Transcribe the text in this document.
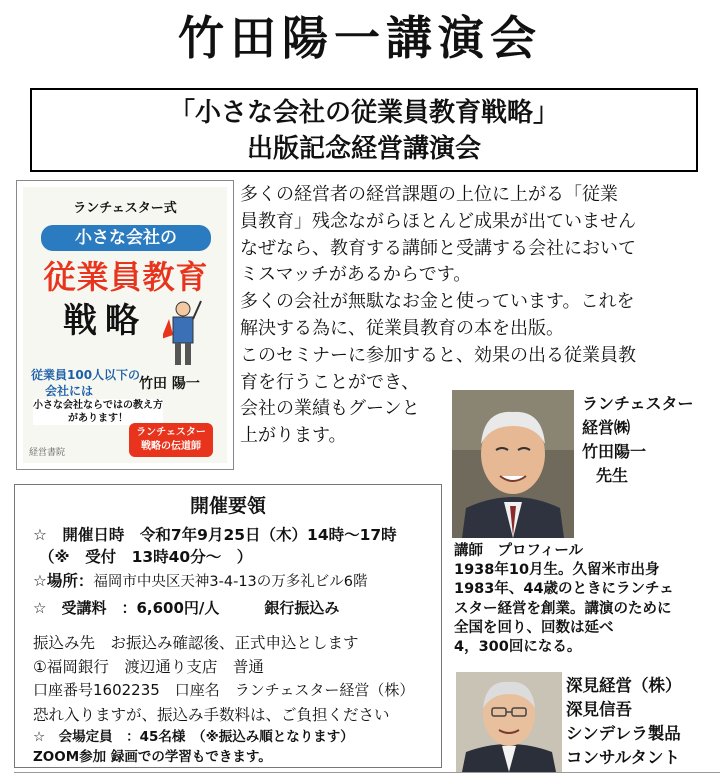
竹田陽一講演会
「小さな会社の従業員教育戦略」
出版記念経営講演会
ランチェスター式
小さな会社の
従業員教育
戦略
従業員100人以下の
会社には	竹田 陽一
小さな会社ならではの教え方があります！
ランチェスター
戦略の伝道師
経営書院
多くの経営者の経営課題の上位に上がる「従業
員教育」残念ながらほとんど成果が出ていません
なぜなら、教育する講師と受講する会社において
ミスマッチがあるからです。
多くの会社が無駄なお金と使っています。これを
解決する為に、従業員教育の本を出版。
このセミナーに参加すると、効果の出る従業員教
育を行うことができ、
会社の業績もグーンと
上がります。
開催要領
☆　開催日時　令和7年9月25日（木）14時～17時
（※　受付　13時40分～　）
☆場所：福岡市中央区天神3-4-13の万多礼ビル6階
☆　受講料　：6,600円/人　　　銀行振込み
振込み先　お振込み確認後、正式申込とします
①福岡銀行　渡辺通り支店　普通
口座番号1602235　口座名　ランチェスター経営（株）
恐れ入りますが、振込み手数料は、ご負担ください
☆　会場定員　：45名様　（※振込み順となります）
ZOOM参加 録画での学習もできます。
ランチェスター
経営㈱
竹田陽一
先生
講師　プロフィール
1938年10月生。久留米市出身
1983年、44歳のときにランチェ
スター経営を創業。講演のために
全国を回り、回数は延べ
4，300回になる。
深見経営（株）
深見信吾
シンデレラ製品
コンサルタント
